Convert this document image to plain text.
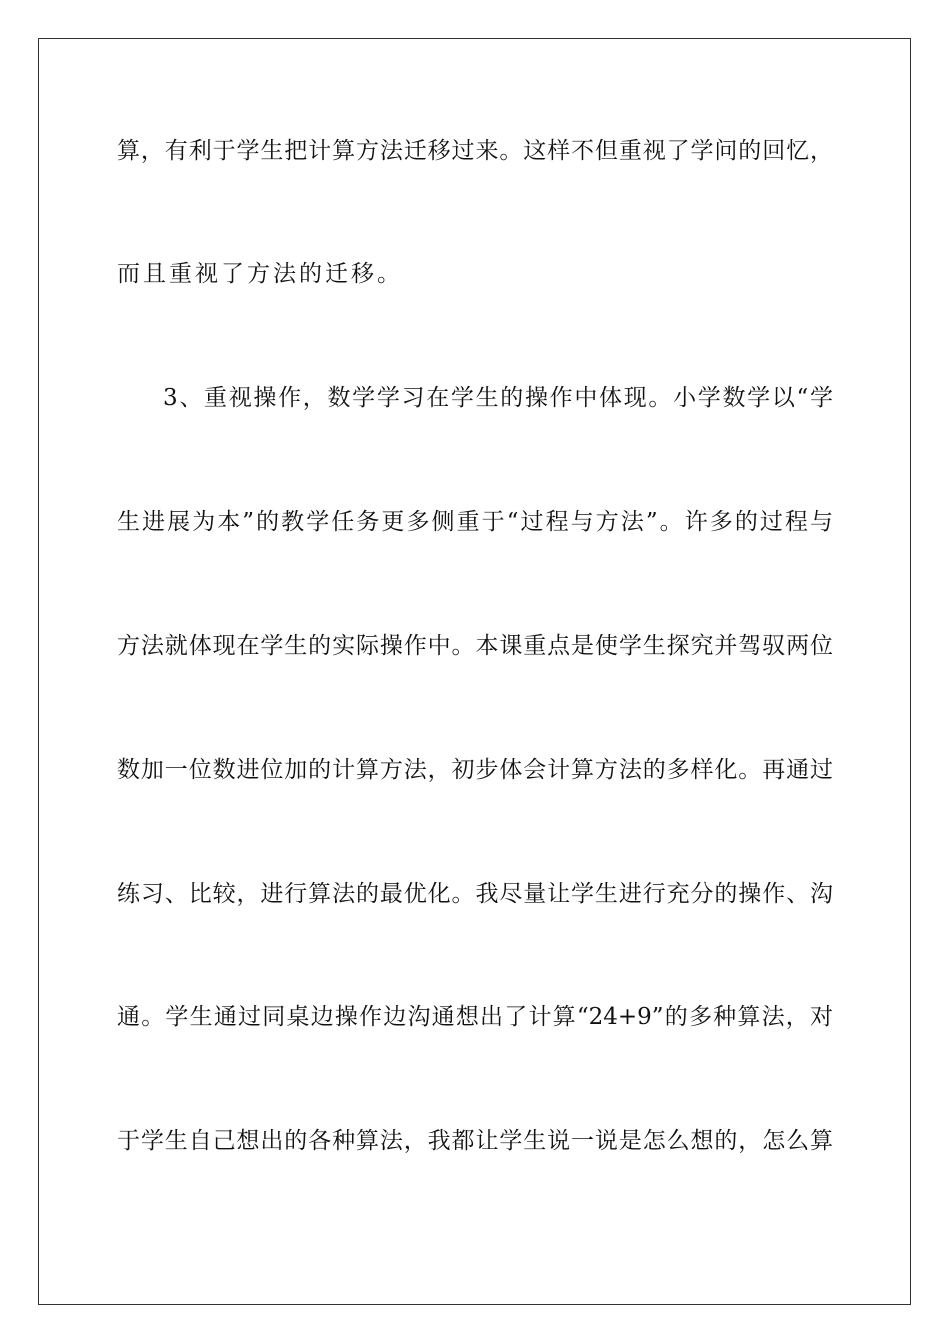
算，有利于学生把计算方法迁移过来。这样不但重视了学问的回忆，
而且重视了方法的迁移。
3、重视操作，数学学习在学生的操作中体现。小学数学以“学
生进展为本”的教学任务更多侧重于“过程与方法”。许多的过程与
方法就体现在学生的实际操作中。本课重点是使学生探究并驾驭两位
数加一位数进位加的计算方法，初步体会计算方法的多样化。再通过
练习、比较，进行算法的最优化。我尽量让学生进行充分的操作、沟
通。学生通过同桌边操作边沟通想出了计算“24+9”的多种算法，对
于学生自己想出的各种算法，我都让学生说一说是怎么想的，怎么算
